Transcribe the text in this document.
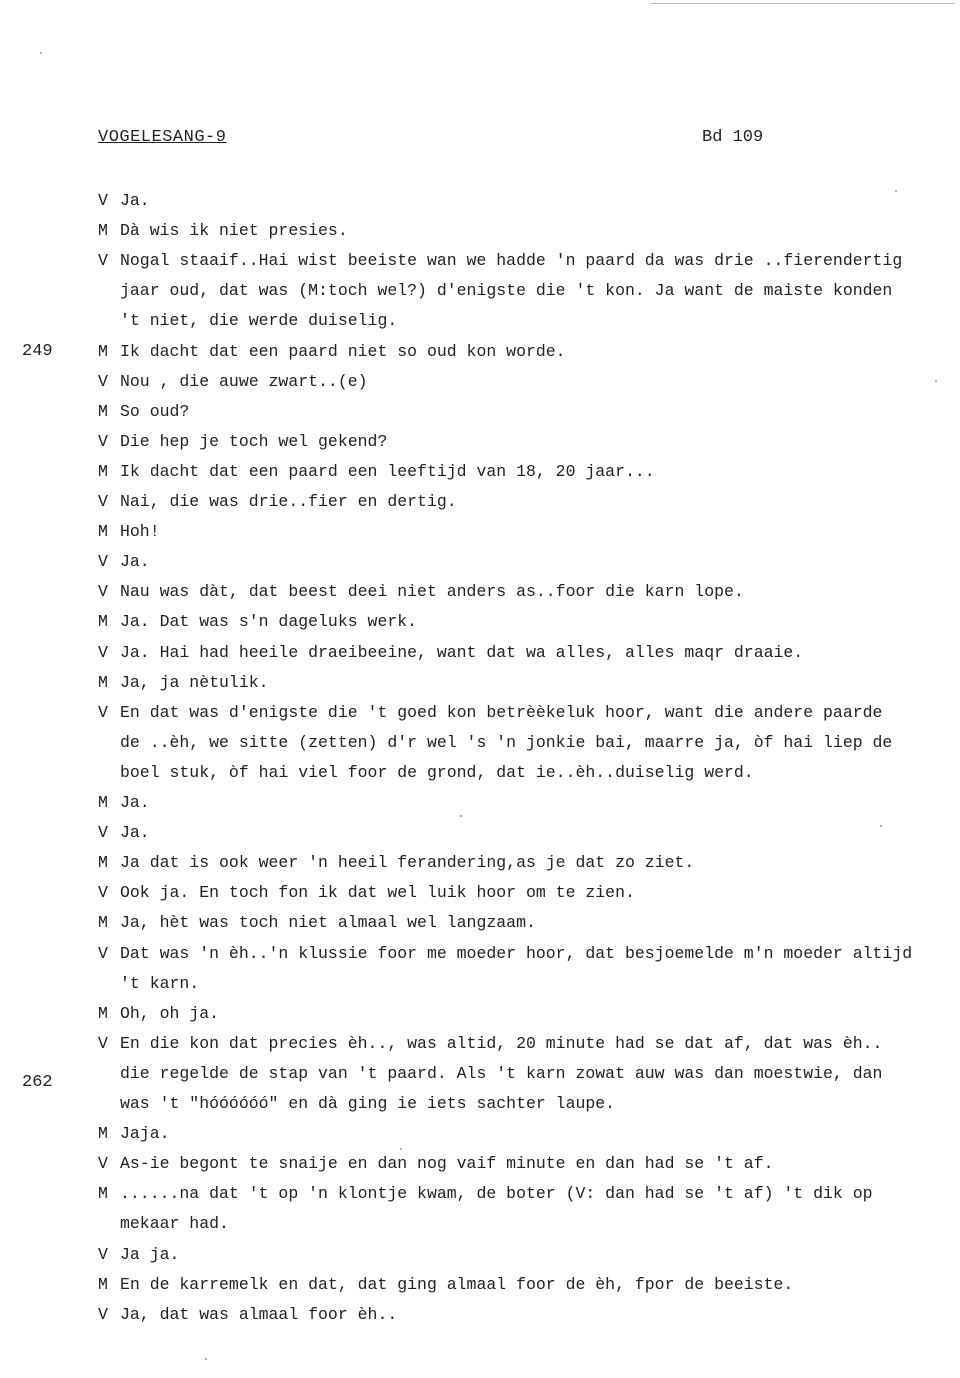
VOGELESANG-9	Bd 109
249
262
V Ja.
M Dà wis ik niet presies.
V Nogal staaif..Hai wist beeiste wan we hadde 'n paard da was drie ..fierendertig
jaar oud, dat was (M:toch wel?) d'enigste die 't kon. Ja want de maiste konden
't niet, die werde duiselig.
M Ik dacht dat een paard niet so oud kon worde.
V Nou , die auwe zwart..(e)
M So oud?
V Die hep je toch wel gekend?
M Ik dacht dat een paard een leeftijd van 18, 20 jaar...
V Nai, die was drie..fier en dertig.
M Hoh!
V Ja.
V Nau was dàt, dat beest deei niet anders as..foor die karn lope.
M Ja. Dat was s'n dageluks werk.
V Ja. Hai had heeile draeibeeine, want dat wa alles, alles maqr draaie.
M Ja, ja nètulik.
V En dat was d'enigste die 't goed kon betrèèkeluk hoor, want die andere paarde
de ..èh, we sitte (zetten) d'r wel 's 'n jonkie bai, maarre ja, òf hai liep de
boel stuk, òf hai viel foor de grond, dat ie..èh..duiselig werd.
M Ja.
V Ja.
M Ja dat is ook weer 'n heeil ferandering,as je dat zo ziet.
V Ook ja. En toch fon ik dat wel luik hoor om te zien.
M Ja, hèt was toch niet almaal wel langzaam.
V Dat was 'n èh..'n klussie foor me moeder hoor, dat besjoemelde m'n moeder altijd
't karn.
M Oh, oh ja.
V En die kon dat precies èh.., was altid, 20 minute had se dat af, dat was èh..
die regelde de stap van 't paard. Als 't karn zowat auw was dan moestwie, dan
was 't "hóóóóóó" en dà ging ie iets sachter laupe.
M Jaja.
V As-ie begont te snaije en dan nog vaif minute en dan had se 't af.
M ......na dat 't op 'n klontje kwam, de boter (V: dan had se 't af) 't dik op
mekaar had.
V Ja ja.
M En de karremelk en dat, dat ging almaal foor de èh, fpor de beeiste.
V Ja, dat was almaal foor èh..
